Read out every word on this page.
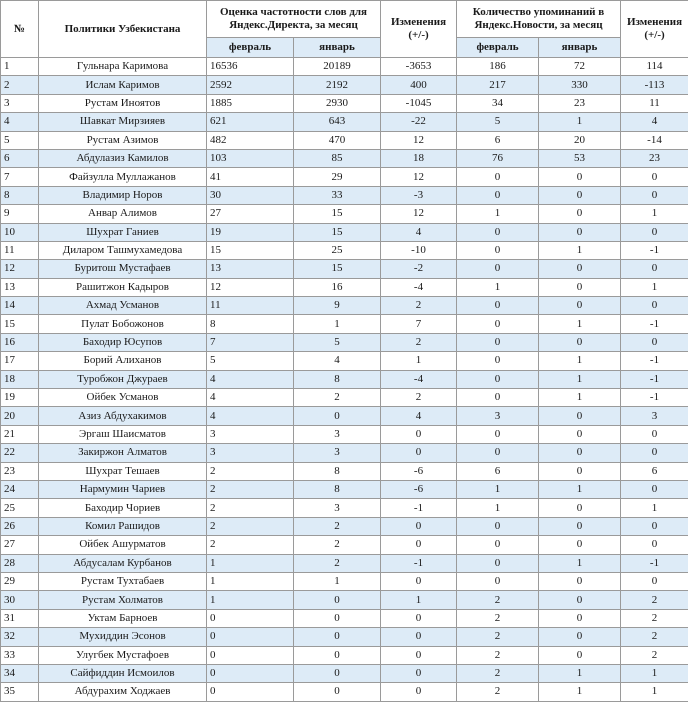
№	Политики Узбекистана	Оценка частотности слов для Яндекс.Директа, за месяц		Изменения (+/-)	Количество упоминаний в Яндекс.Новости, за месяц		Изменения (+/-)
		февраль	январь		февраль	январь	
1	Гульнара Каримова	16536	20189	-3653	186	72	114
2	Ислам Каримов	2592	2192	400	217	330	-113
3	Рустам Иноятов	1885	2930	-1045	34	23	11
4	Шавкат Мирзияев	621	643	-22	5	1	4
5	Рустам Азимов	482	470	12	6	20	-14
6	Абдулазиз Камилов	103	85	18	76	53	23
7	Файзулла Муллажанов	41	29	12	0	0	0
8	Владимир Норов	30	33	-3	0	0	0
9	Анвар Алимов	27	15	12	1	0	1
10	Шухрат Ганиев	19	15	4	0	0	0
11	Диларом Ташмухамедова	15	25	-10	0	1	-1
12	Буритош Мустафаев	13	15	-2	0	0	0
13	Рашитжон Кадыров	12	16	-4	1	0	1
14	Ахмад Усманов	11	9	2	0	0	0
15	Пулат Бобожонов	8	1	7	0	1	-1
16	Баходир Юсупов	7	5	2	0	0	0
17	Борий Алиханов	5	4	1	0	1	-1
18	Туробжон Джураев	4	8	-4	0	1	-1
19	Ойбек Усманов	4	2	2	0	1	-1
20	Азиз Абдухакимов	4	0	4	3	0	3
21	Эргаш Шаисматов	3	3	0	0	0	0
22	Закиржон Алматов	3	3	0	0	0	0
23	Шухрат Тешаев	2	8	-6	6	0	6
24	Нармумин Чариев	2	8	-6	1	1	0
25	Баходир Чориев	2	3	-1	1	0	1
26	Комил Рашидов	2	2	0	0	0	0
27	Ойбек Ашурматов	2	2	0	0	0	0
28	Абдусалам Курбанов	1	2	-1	0	1	-1
29	Рустам Тухтабаев	1	1	0	0	0	0
30	Рустам Холматов	1	0	1	2	0	2
31	Уктам Барноев	0	0	0	2	0	2
32	Мухиддин Эсонов	0	0	0	2	0	2
33	Улугбек Мустафоев	0	0	0	2	0	2
34	Сайфиддин Исмоилов	0	0	0	2	1	1
35	Абдурахим Ходжаев	0	0	0	2	1	1
